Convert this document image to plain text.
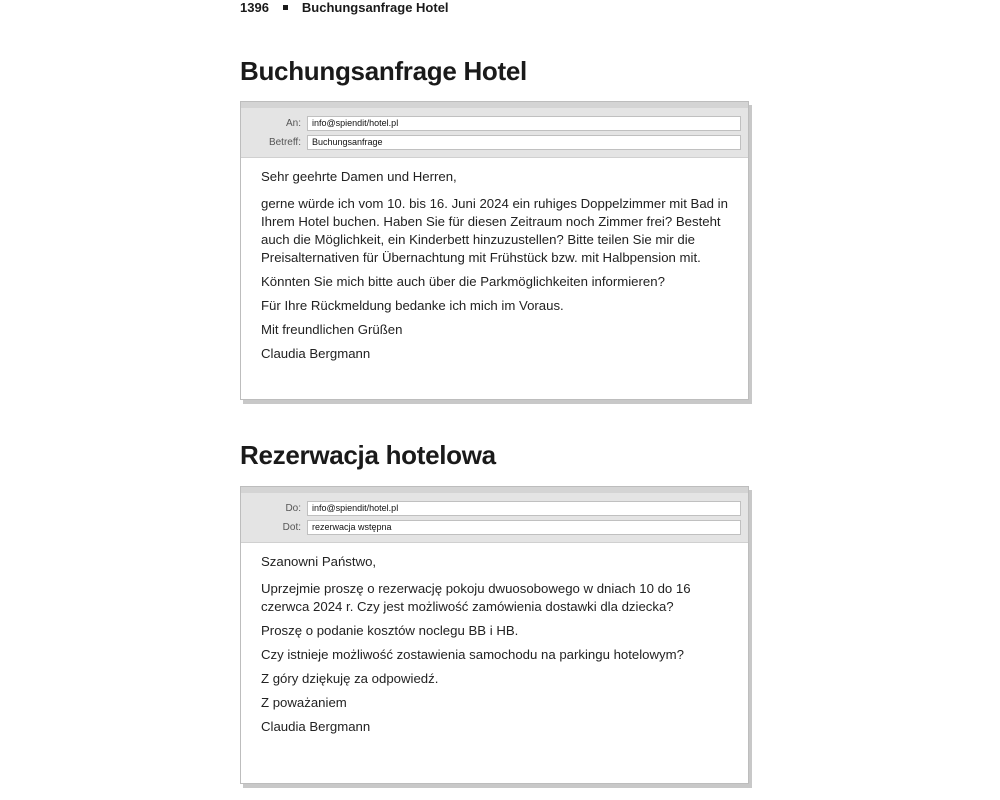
1396	Buchungsanfrage Hotel
Buchungsanfrage Hotel
An:	info@spiendit/hotel.pl
Betreff:	Buchungsanfrage

Sehr geehrte Damen und Herren,

gerne würde ich vom 10. bis 16. Juni 2024 ein ruhiges Doppelzimmer mit Bad in Ihrem Hotel buchen. Haben Sie für diesen Zeitraum noch Zimmer frei? Besteht auch die Möglichkeit, ein Kinderbett hinzuzustellen? Bitte teilen Sie mir die Preisalternativen für Übernachtung mit Frühstück bzw. mit Halbpension mit.

Könnten Sie mich bitte auch über die Parkmöglichkeiten informieren?

Für Ihre Rückmeldung bedanke ich mich im Voraus.

Mit freundlichen Grüßen

Claudia Bergmann

Rezerwacja hotelowa
Do:	info@spiendit/hotel.pl
Dot:	rezerwacja wstępna

Szanowni Państwo,

Uprzejmie proszę o rezerwację pokoju dwuosobowego w dniach 10 do 16 czerwca 2024 r. Czy jest możliwość zamówienia dostawki dla dziecka?

Proszę o podanie kosztów noclegu BB i HB.

Czy istnieje możliwość zostawienia samochodu na parkingu hotelowym?

Z góry dziękuję za odpowiedź.

Z poważaniem

Claudia Bergmann
